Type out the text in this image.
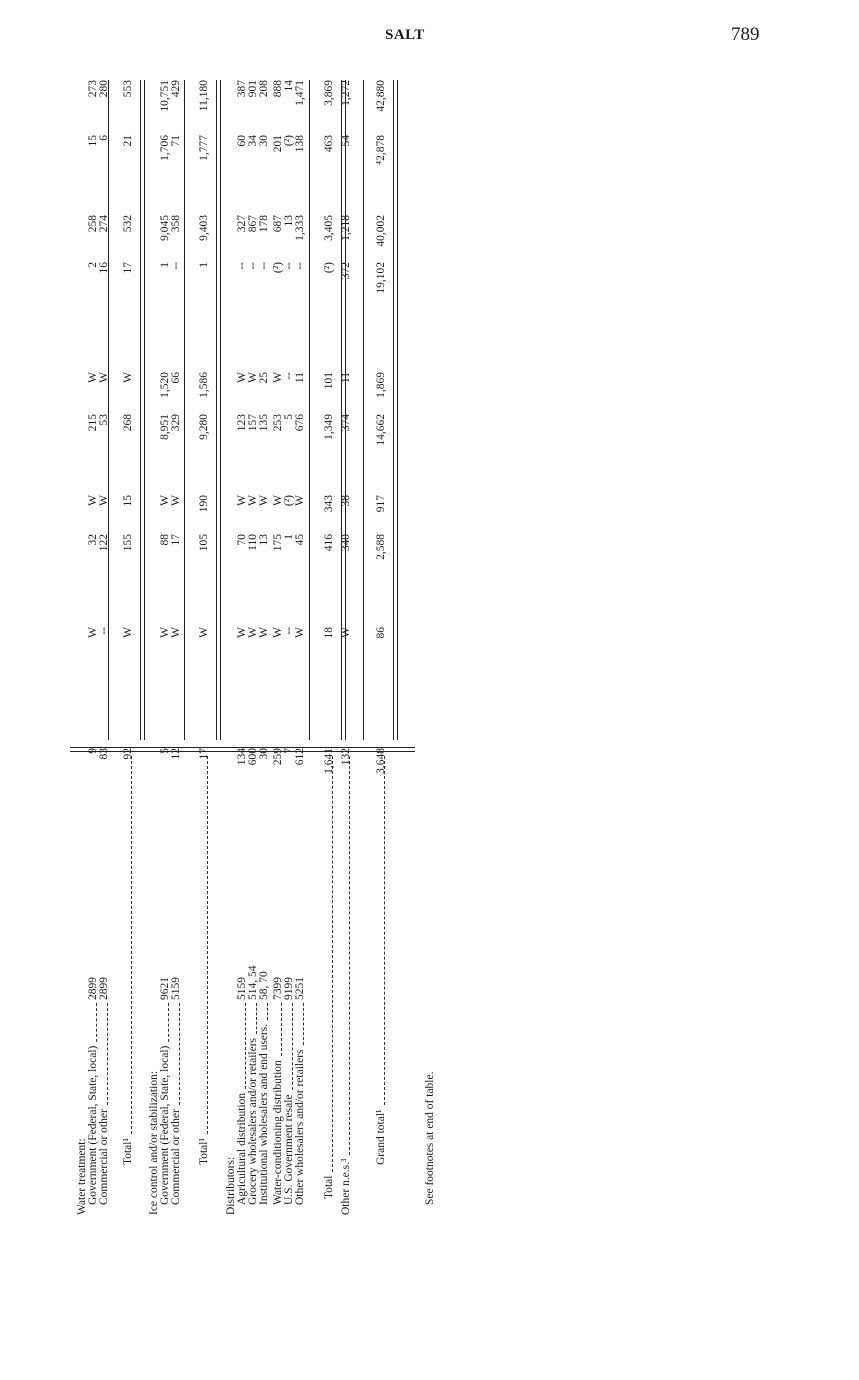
SALT	789
Water treatment: Government (Federal, State, local)
2899
9
W
32
W
215
W
2
258
15
273
Commercial or other
2899
83
--
122
W
53
W
16
274
6
280
Total¹
92
W
155
15
268
W
17
532
21
553
Ice control and/or stabilization: Government (Federal, State, local)
9621
5
W
88
W
8,951
1,520
1
9,045
1,706
10,751
Commercial or other
5159
12
W
17
W
329
66
--
358
71
429
Total¹
17
W
105
190
9,280
1,586
1
9,403
1,777
11,180
Distributors: Agricultural distribution
5159
134
W
70
W
123
W
--
327
60
387
Grocery wholesalers and/or retailers
514, 54
600
W
110
W
157
W
--
867
34
901
Institutional wholesalers and end users.
58, 70
30
W
13
W
135
25
--
178
30
208
Water-conditioning distribution
7399
259
W
175
W
253
W
(²)
687
201
888
U.S. Government resale
9199
7
--
1
(²)
5
--
--
13
(²)
14
Other wholesalers and/or retailers
5251
612
W
45
W
676
11
--
1,333
138
1,471
Total
1,641
18
416
343
1,349
101
(²)
3,405
463
3,869
Other n.e.s.³
132
W
340
38
374
11
372
1,218
54
1,272
Grand total¹
3,648
86
2,588
917
14,662
1,869
19,102
40,002
⁴2,878
42,880
See footnotes at end of table.
